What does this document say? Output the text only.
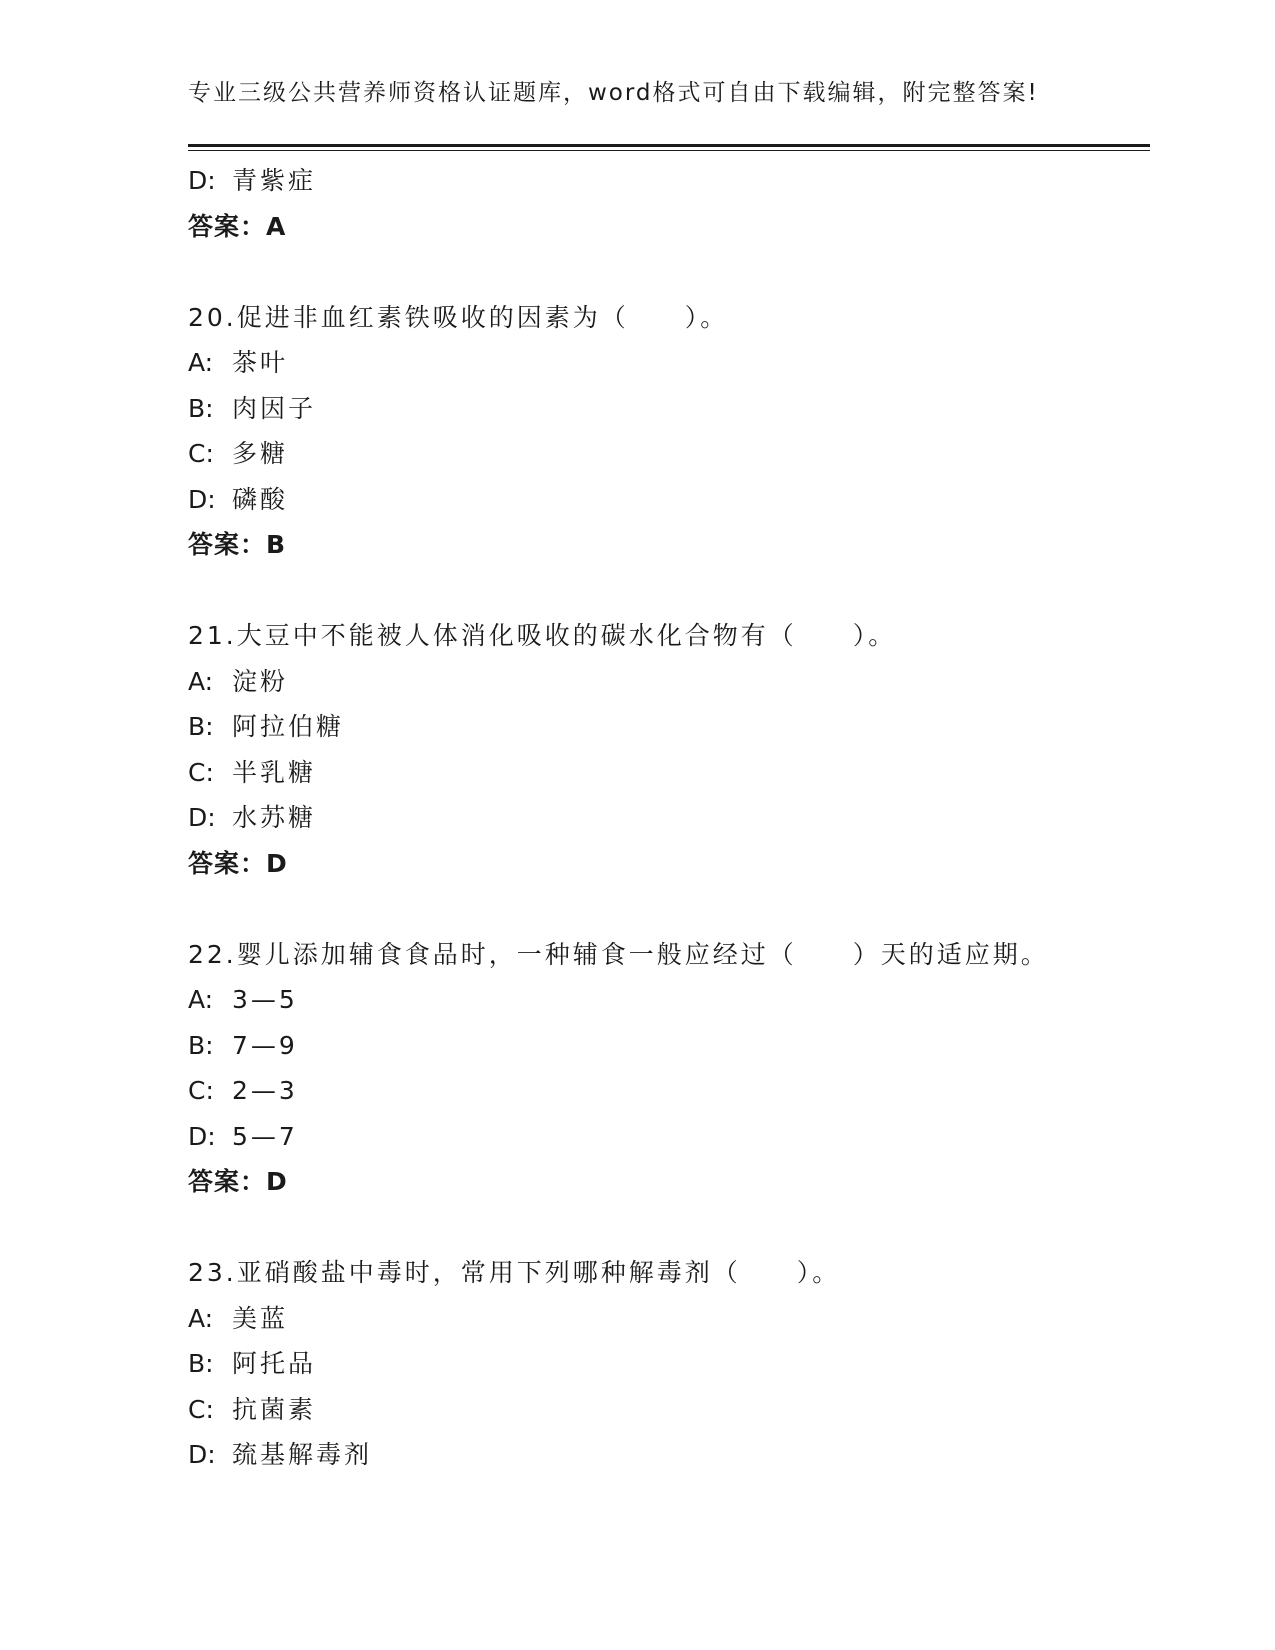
专业三级公共营养师资格认证题库，word格式可自由下载编辑，附完整答案!
D: 青紫症
答案：A
20.促进非血红素铁吸收的因素为（　　）。
A: 茶叶
B: 肉因子
C: 多糖
D: 磷酸
答案：B
21.大豆中不能被人体消化吸收的碳水化合物有（　　）。
A: 淀粉
B: 阿拉伯糖
C: 半乳糖
D: 水苏糖
答案：D
22.婴儿添加辅食食品时，一种辅食一般应经过（　　）天的适应期。
A: 3—5
B: 7—9
C: 2—3
D: 5—7
答案：D
23.亚硝酸盐中毒时，常用下列哪种解毒剂（　　）。
A: 美蓝
B: 阿托品
C: 抗菌素
D: 巯基解毒剂
